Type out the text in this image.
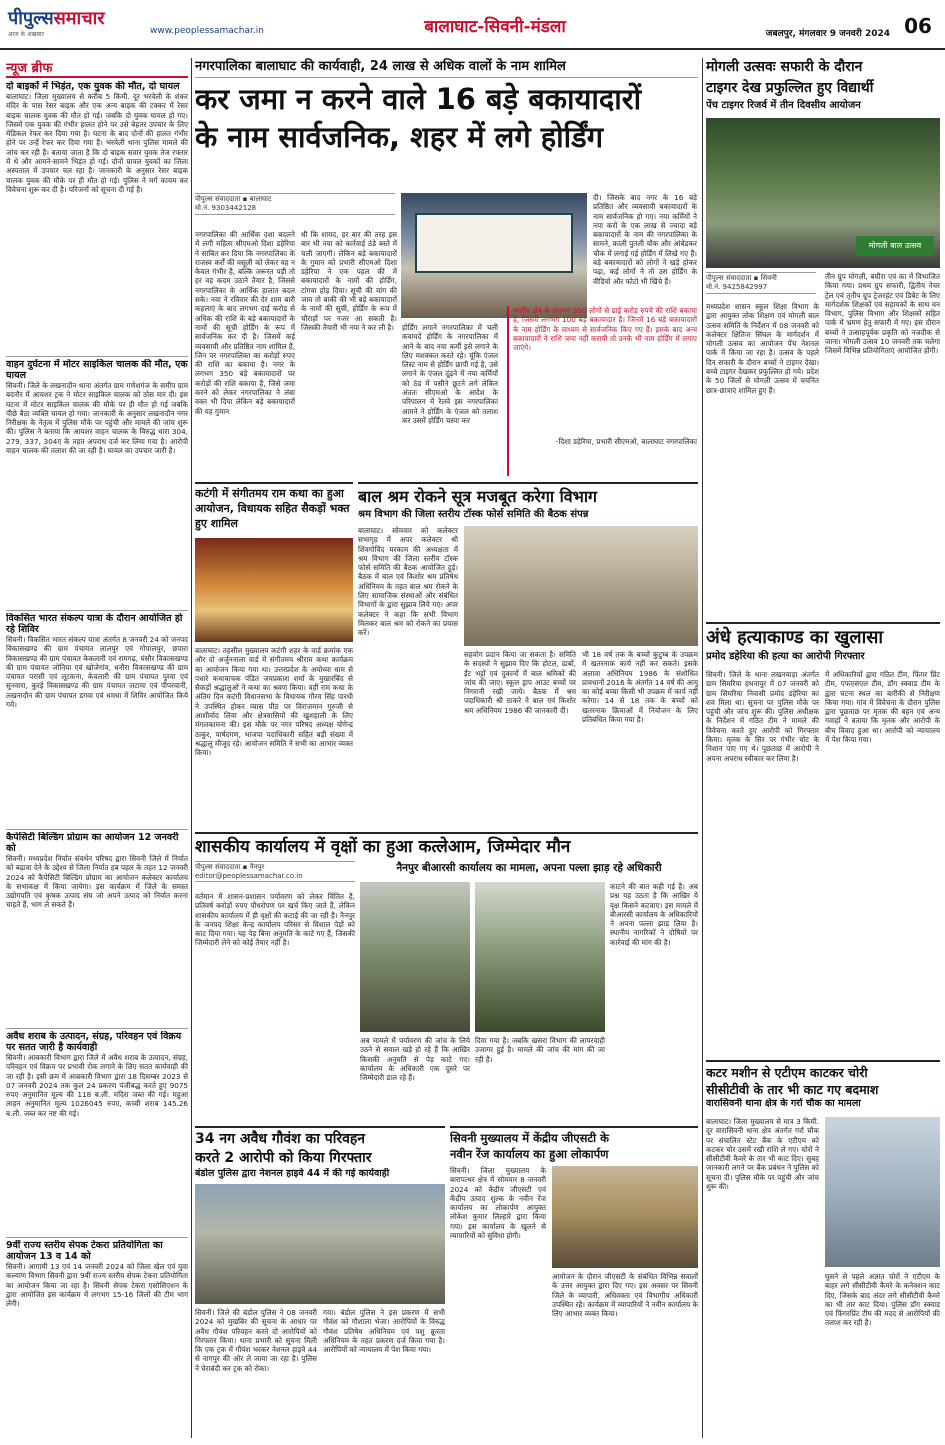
पीपुल्ससमाचार
आज के अखबार	www.peoplessamachar.in	बालाघाट-सिवनी-मंडला	जबलपुर, मंगलवार 9 जनवरी 2024 06
न्यूज ब्रीफ
दो बाइकों में भिड़ंत, एक युवक की मौत, दो घायल
बालाघाट। जिला मुख्यालय से करीब 5 किमी. दूर भरवेली के शंकर मंदिर के पास रेसर बाइक और एक अन्य बाइक की टक्कर में रेसर बाइक चालक युवक की मौत हो गई। जबकि दो युवक घायल हो गए। जिसमें एक युवक की गंभीर हालत होने पर उसे बेहतर उपचार के लिए मेडिकल रेफर कर दिया गया है। घटना के बाद दोनों की हालत गंभीर होने पर उन्हें रेफर कर दिया गया है। भरवेली थाना पुलिस मामले की जांच कर रही है। बताया जाता है कि दो बाइक सवार युवक तेज रफ्तार में थे और आमने-सामने भिड़ंत हो गई। दोनों घायल युवकों का जिला अस्पताल में उपचार चल रहा है। जानकारी के अनुसार रेसर बाइक चालक युवक की मौके पर ही मौत हो गई। पुलिस ने मर्ग कायम कर विवेचना शुरू कर दी है। परिजनों को सूचना दी गई है।
वाहन दुर्घटना में मोटर साइकिल चालक की मौत, एक घायल
सिवनी। जिले के लखनादौन थाना अंतर्गत ग्राम गणेशगंज के समीप ग्राम बदनौर में आयशर ट्रक ने मोटर साइकिल चालक को ठोस मार दी। इस घटना में मोटर साइकिल चालक की मौके पर ही मौत हो गई जबकि पीछे बैठा व्यक्ति घायल हो गया। जानकारी के अनुसार लखनादौन नगर निरीक्षक के नेतृत्व में पुलिस मौके पर पहुंची और मामले की जांच शुरू की। पुलिस ने बताया कि आयशर वाहन चालक के विरुद्ध धारा 304, 279, 337, 304ए के तहत अपराध दर्ज कर लिया गया है। आरोपी वाहन चालक की तलाश की जा रही है। घायल का उपचार जारी है।
विकसित भारत संकल्प यात्रा के दौरान आयोजित हो रहे शिविर
सिवनी। विकसित भारत संकल्प यात्रा अंतर्गत 8 जनवरी 24 को जनपद विकासखण्ड की ग्राम पंचायत लालपुर एवं गोपालपुर, छपारा विकासखण्ड की ग्राम पंचायत केकलारी एवं रामगढ़, घंसौर विकासखण्ड की ग्राम पंचायत जोनिया एवं खोजेगांव, धनौरा विकासखण्ड की ग्राम पंचायत परासी एवं लूटकना, केवलारी की ग्राम पंचायत पुरवा एवं सुनवारा, कुरई विकासखण्ड की ग्राम पंचायत जटामा एवं पीपरवानी, लखनादौन की ग्राम पंचायत डगवा एवं धमधा में शिविर आयोजित किये गये।
कैपेसिटी बिल्डिंग प्रोग्राम का आयोजन 12 जनवरी को
सिवनी। मध्यप्रदेश निर्यात संवर्धन परिषद द्वारा सिवनी जिले में निर्यात को बढ़ावा देने के उद्देश्य से जिला निर्यात हब पहल के तहत 12 जनवरी 2024 को कैपेसिटी बिल्डिंग प्रोग्राम का आयोजन कलेक्टर कार्यालय के सभाकक्ष में किया जायेगा। इस कार्यक्रम में जिले के समस्त उद्योगपति एवं कृषक उत्पाद संघ जो अपने उत्पाद को निर्यात करना चाहते हैं, भाग ले सकते हैं।
अवैध शराब के उत्पादन, संग्रह, परिवहन एवं विक्रय पर सतत जारी है कार्यवाही
सिवनी। आबकारी विभाग द्वारा जिले में अवैध शराब के उत्पादन, संग्रह, परिवहन एवं विक्रय पर प्रभावी रोक लगाने के लिए सतत कार्यवाही की जा रही है। इसी क्रम में आबकारी विभाग द्वारा 18 दिसम्बर 2023 से 07 जनवरी 2024 तक कुल 24 प्रकरण पंजीबद्ध करते हुए 9075 रुपए अनुमानित मूल्य की 118 ब.ली. मदिरा जब्त की गई। महुआ लाहन अनुमानित मूल्य 1026045 रुपए, कच्ची शराब 145.26 ब.ली. जब्त कर नष्ट की गई।
9वीं राज्य स्तरीय सेपक टेकरा प्रतियोगिता का आयोजन 13 व 14 को
सिवनी। आगामी 13 एवं 14 जनवरी 2024 को जिला खेल एवं युवा कल्याण विभाग सिवनी द्वारा 9वीं राज्य स्तरीय सेपक टेकरा प्रतियोगिता का आयोजन किया जा रहा है। सिवनी सेपक टेकरा एसोसिएशन के द्वारा आयोजित इस कार्यक्रम में लगभग 15-16 जिलों की टीम भाग लेंगी।
नगरपालिका बालाघाट की कार्यवाही, 24 लाख से अधिक वालों के नाम शामिल
कर जमा न करने वाले 16 बड़े बकायादारों
के नाम सार्वजनिक, शहर में लगे होर्डिंग
पीपुल्स संवाददाता ▪ बालाघाट
मो.नं. 9303442128
नगरपालिका की आर्थिक दशा बदलने में लगी महिला सीएमओ दिशा डहेरिया ने साबित कर दिया कि नगरपालिका के राजस्व कर्रों की वसूली को लेकर वह न केवल गंभीर है, बल्कि जरूरत पड़ी तो हर वह कदम उठाने तैयार है, जिससे नगरपालिका के आर्थिक हालात बदल सके। नया ने रविवार की देर शाम बारी कहलाएं के बाद लगभग दाई करोड़ से अधिक की राशि के बड़े बकायादारों के नामों की सूची होर्डिंग के रूप में सार्वजनिक कर दी है। जिसमें कई व्यवसायी और प्रतिष्ठित नाम शामिल हैं, जिन पर नगरपालिका का करोड़ों रुपए की राशि का बकाया है। नगर के लगभग 350 बड़े बकायादारों पर करोड़ों की राशि बकाया है, जिसे जमा करने को लेकर नगरपालिका ने लंबा वक्त भी दिया लेकिन बड़े बकायादारों की यह गुमान
थी कि शायद, हर बार की तरह इस बार भी नया को कार्रवाई ठंडे बस्ते में चली जाएगी। लेकिन बड़े बकायादारों के गुमान को प्रभारी सीएमओ दिशा डहेरिया ने एक पहल की में बकायादारों के नामों की होर्डिंग, टांगवा होड़ दिया। सूची की मांग की जाय तो बाकी की भी बड़े बकायादारों के नामों की सूची, होर्डिंग के रूप में चौराहों पर नजर आ सकती है। जिसकी तैयारी भी नया ने कर ली है।	होर्डिंग लगाने नगरपालिका में चली कवायदें होर्डिंग के नगरपालिका में आने के बाद नया कर्मी इसे लगाने के लिए मशक्कत करते रहे। चूंकि एंजल लिस्ट नाम से होर्डिंग छापी गई है, उसे लगाने के एंजल दूंढ़ने में नया कर्मियों को ठंड में पसीने छूटने लगे लेकिन अंततः सीएमओ के आदेश के परिपालन में रेलवे इस नगरपालिका आमने ने होर्डिंग के एंजल को तलाश कर उसमें होर्डिंग चस्पा कर
दी। जिसके बाद नगर के 16 बड़े प्रतिष्ठित और व्यवसायी बकायादारों के नाम सार्वजनिक हो गए। नया कर्मियों ने नया करों के एक लाख से ज्यादा बड़े बकायादारों के नाम की नगरपालिका के सामने, काली पुतली चौक और आंबेडकर चौक में लगाई गई होर्डिंग में लिखे गए हैं। बड़े बकायादारों को लोगों ने खड़े होकर पढ़ा, कई लोगों ने तो उस होर्डिंग के वीडियो और फोटो भी खिंचे हैं।
नगरीय क्षेत्र के लगभग 350 लोगों से ढाई करोड़ रुपये की राशि बकाया है, जिसमें लगभग 100 बड़े बकायादार हैं। जिनमें 16 बड़े बकायादारों के नाम होर्डिंग के माध्यम से सार्वजनिक किए गए हैं। इसके बाद अन्य बकायादारों ने राशि जमा नहीं करायी तो उनके भी नाम होर्डिंग में लगाए जाएंगे।
-दिशा डहेरिया, प्रभारी सीएमओ, बालाघाट नगरपालिका
मोगली उत्सवः सफारी के दौरान
टाइगर देख प्रफुल्लित हुए विद्यार्थी
पेंच टाइगर रिजर्व में तीन दिवसीय आयोजन
मोगली बाल उत्सव
पीपुल्स संवाददाता ▪ सिवनी
मो.नं. 9425842997
मध्यप्रदेश शासन स्कूल शिक्षा विभाग के द्वारा आयुक्त लोक शिक्षण एवं मोगली बाल उत्सव समिति के निर्देशन में 08 जनवरी को कलेक्टर क्षितिज सिंघल के मार्गदर्शन में मोगली उत्सव का आयोजन पेंच नेशनल पार्क में किया जा रहा है। उत्सव के पहले दिन सफारी के दौरान बच्चों ने टाइगर देखा। बच्चे टाइगर देखकर प्रफुल्लित हो गये। प्रदेश के 50 जिलों से मोगली उत्सव में चयनित छात्र-छात्राएं शामिल हुए हैं।
तीन ग्रुप मोगली, बघीरा एवं का में विभाजित किया गया। प्रथम ग्रुप सफारी, द्वितीय नेचर ट्रेल एवं तृतीय ग्रुप ट्रेजरहंट एवं डिबेट के लिए मार्गदर्शक शिक्षकों एवं सहायकों के साथ वन विभाग, पुलिस विभाग और शिक्षकों सहित पार्क में भ्रमण हेतु सफारी में गए। इस दौरान बच्चों ने उत्साहपूर्वक प्रकृति को नजदीक से जाना। मोगली उत्सव 10 जनवरी तक चलेगा जिसमें विभिन्न प्रतियोगिताएं आयोजित होंगी।
अंधे हत्याकाण्ड का खुलासा
प्रमोद डहेरिया की हत्या का आरोपी गिरफ्तार
सिवनी। जिले के थाना लखनवाड़ा अंतर्गत ग्राम सिमरिया हथनापुर में 07 जनवरी को ग्राम सिमरिया निवासी प्रमोद डहेरिया का शव मिला था। सूचना पर पुलिस मौके पर पहुंची और जांच शुरू की। पुलिस अधीक्षक के निर्देशन में गठित टीम ने मामले की विवेचना करते हुए आरोपी को गिरफ्तार किया। मृतक के सिर पर गंभीर चोट के निशान पाए गए थे। पूछताछ में आरोपी ने अपना अपराध स्वीकार कर लिया है।
में अधिकारियों द्वारा गठित टीम, फिंगर प्रिंट टीम, एफएसएल टीम, डॉग स्क्वाड टीम के द्वारा घटना स्थल का बारीकी से निरीक्षण किया गया। गांव में विवेचना के दौरान पुलिस द्वारा पूछताछ पर मृतक की बहन एवं अन्य गवाहों ने बताया कि मृतक और आरोपी के बीच विवाद हुआ था। आरोपी को न्यायालय में पेश किया गया।
कटर मशीन से एटीएम काटकर चोरी
सीसीटीवी के तार भी काट गए बदमाश
वारासिवनी थाना क्षेत्र के गर्रा चौक का मामला
बालाघाट। जिला मुख्यालय से मात्र 3 किमी. दूर वारासिवनी थाना क्षेत्र अंतर्गत गर्रा चौक पर संचालित स्टेट बैंक के एटीएम को कटकर चोर उसमें रखी राशि ले गए। चोरों ने सीसीटीवी कैमरे के तार भी काट दिए। सुबह जानकारी लगने पर बैंक प्रबंधन ने पुलिस को सूचना दी। पुलिस मौके पर पहुंची और जांच शुरू की।
घुसने से पहले अज्ञात चोरों ने एटीएम के बाहर लगे सीसीटीवी कैमरे के कनेक्शन काट दिए, जिसके बाद अंदर लगे सीसीटीवी कैमरे का भी तार काट दिया। पुलिस डॉग स्क्वाड एवं फिंगरप्रिंट टीम की मदद से आरोपियों की तलाश कर रही है।
कटंगी में संगीतमय राम कथा का हुआ आयोजन, विधायक सहित सैकड़ों भक्त हुए शामिल
बालाघाट। तहसील मुख्यालय कटंगी शहर के वार्ड क्रमांक एक और दो अर्जुननाला वार्ड में संगीतमय श्रीराम कथा कार्यक्रम का आयोजन किया गया था। उत्तरप्रदेश के अयोध्या धाम से पधारे कथावाचक पंडित जयप्रकाश शर्मा के मुखारबिंद से सैकड़ों श्रद्धालुओं ने कथा का श्रवण किया। वहीं राम कथा के अंतिम दिन कटंगी विधानसभा के विधायक गौरव सिंह पारधी ने उपस्थित होकर व्यास पीठ पर विराजमान गुरुजी से आशीर्वाद लिया और क्षेत्रवासियों की खुशहाली के लिए मंगलकामना की। इस मौके पर नगर परिषद अध्यक्ष योगेन्द्र ठाकुर, पार्षदगण, भाजपा पदाधिकारी सहित बड़ी संख्या में श्रद्धालु मौजूद रहे। आयोजन समिति ने सभी का आभार व्यक्त किया।
बाल श्रम रोकने सूत्र मजबूत करेगा विभाग
श्रम विभाग की जिला स्तरीय टॉस्क फोर्स समिति की बैठक संपन्न
बालाघाट। सोमवार को कलेक्टर सभागृह में अपर कलेक्टर श्री शिवगोविंद मरकाम की अध्यक्षता में श्रम विभाग की जिला स्तरीय टॉस्क फोर्स समिति की बैठक आयोजित हुई। बैठक में बाल एवं किशोर श्रम प्रतिषेध अधिनियम के तहत बाल श्रम रोकने के लिए सामाजिक संस्थाओं और संबंधित विभागों के द्वारा सुझाव लिये गए। अपर कलेक्टर ने कहा कि सभी विभाग मिलकर बाल श्रम को रोकने का प्रयास करें।
सहयोग प्रदान किया जा सकता है। समिति के सदस्यों ने सुझाव दिए कि होटल, ढाबों, ईंट भट्टों एवं दुकानों में बाल श्रमिकों की जांच की जाए। स्कूल ड्राप आउट बच्चों पर निगरानी रखी जाये। बैठक में श्रम पदाधिकारी श्री ठाकरे ने बाल एवं किशोर श्रम अधिनियम 1986 की जानकारी दी।
भी 18 वर्ष तक के बच्चों कुटुम्ब के उपक्रम में खतरनाक कार्य नहीं कर सकते। इसके अलावा अधिनियम 1986 के संशोधित प्रावधानों 2016 के अंतर्गत 14 वर्ष की आयु का कोई बच्चा किसी भी उपक्रम में कार्य नहीं करेगा। 14 से 18 तक के बच्चों को खतरनाक क्रियाओं में नियोजन के लिए प्रतिबंधित किया गया है।
शासकीय कार्यालय में वृक्षों का हुआ कत्लेआम, जिम्मेदार मौन
पीपुल्स संवाददाता ▪ नैनपुर
editor@peoplessamachar.co.in
नैनपुर बीआरसी कार्यालय का मामला, अपना पल्ला झाड़ रहे अधिकारी
वर्तमान में शासन-प्रशासन पर्यावरण को लेकर चिंतित है, प्रतिवर्ष करोड़ों रुपए पौधरोपण पर खर्च किए जाते हैं, लेकिन शासकीय कार्यालय में ही वृक्षों की कटाई की जा रही है। नैनपुर के जनपद शिक्षा केन्द्र कार्यालय परिसर से विशाल पेड़ों को काट दिया गया। यह पेड़ बिना अनुमति के काटे गए हैं, जिसकी जिम्मेदारी लेने को कोई तैयार नहीं है।
अब मामले में पर्यावरण की जांच के लिये उठने से सवाल खड़े हो रहे हैं कि आखिर किसकी अनुमति से पेड़ काटे गए। कार्यालय के अधिकारी एक दूसरे पर जिम्मेदारी डाल रहे हैं।
दिया गया है। जबकि खसरा विभाग की लापरवाही उजागर हुई है। मामले की जांच की मांग की जा रही है।
काटने की बात कही गई है। अब प्रश्न यह उठता है कि आखिर ये वृक्ष किसने कटवाए। इस मामले में बीआरसी कार्यालय के अधिकारियों ने अपना पल्ला झाड़ लिया है। स्थानीय नागरिकों ने दोषियों पर कार्रवाई की मांग की है।
34 नग अवैध गौवंश का परिवहन
करते 2 आरोपी को किया गिरफ्तार
बंडोल पुलिस द्वारा नेशनल हाइवे 44 में की गई कार्यवाही
सिवनी। जिले की बंडोल पुलिस ने 08 जनवरी 2024 को मुखबिर की सूचना के आधार पर अवैध गौवंश परिवहन करते दो आरोपियों को गिरफ्तार किया। थाना प्रभारी को सूचना मिली कि एक ट्रक में गौवंश भरकर नेशनल हाइवे 44 से नागपुर की ओर ले जाया जा रहा है। पुलिस ने घेराबंदी कर ट्रक को रोका।
गया। बंडोल पुलिस ने इस प्रकरण में सभी गौवंश को गौशाला भेजा। आरोपियों के विरुद्ध गौवंश प्रतिषेध अधिनियम एवं पशु क्रूरता अधिनियम के तहत प्रकरण दर्ज किया गया है। आरोपियों को न्यायालय में पेश किया गया।
सिवनी मुख्यालय में केंद्रीय जीएसटी के
नवीन रेंज कार्यालय का हुआ लोकार्पण
सिवनी। जिला मुख्यालय के बारापत्थर क्षेत्र में सोमवार 8 जनवरी 2024 को केंद्रीय जीएसटी एवं केंद्रीय उत्पाद शुल्क के नवीन रेंज कार्यालय का लोकार्पण आयुक्त लोकेश कुमार लिल्हारे द्वारा किया गया। इस कार्यालय के खुलने से व्यापारियों को सुविधा होगी।
आयोजन के दौरान जीएसटी के संबंधित विभिन्न सवालों के उत्तर आयुक्त द्वारा दिए गए। इस अवसर पर सिवनी जिले के व्यापारी, अधिवक्ता एवं विभागीय अधिकारी उपस्थित रहे। कार्यक्रम में व्यापारियों ने नवीन कार्यालय के लिए आभार व्यक्त किया।
